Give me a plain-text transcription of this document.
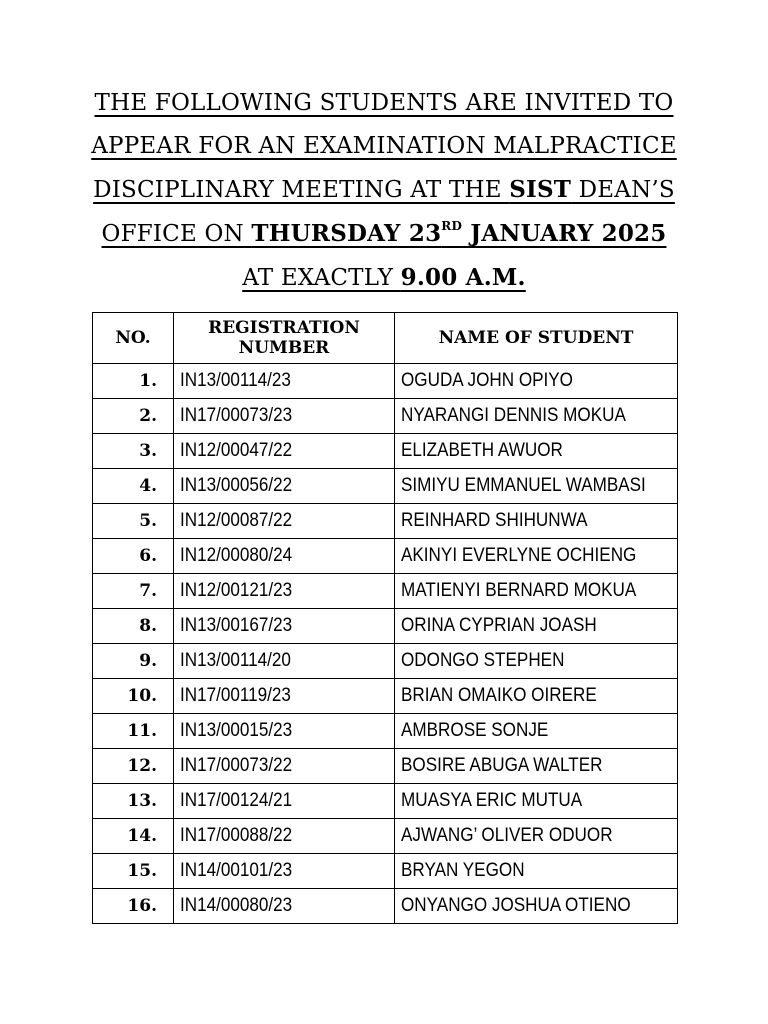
THE FOLLOWING STUDENTS ARE INVITED TO
APPEAR FOR AN EXAMINATION MALPRACTICE
DISCIPLINARY MEETING AT THE SIST DEAN’S
OFFICE ON THURSDAY 23RD JANUARY 2025
AT EXACTLY 9.00 A.M.
NO.	REGISTRATION NUMBER	NAME OF STUDENT
1.	IN13/00114/23	OGUDA JOHN OPIYO
2.	IN17/00073/23	NYARANGI DENNIS MOKUA
3.	IN12/00047/22	ELIZABETH AWUOR
4.	IN13/00056/22	SIMIYU EMMANUEL WAMBASI
5.	IN12/00087/22	REINHARD SHIHUNWA
6.	IN12/00080/24	AKINYI EVERLYNE OCHIENG
7.	IN12/00121/23	MATIENYI BERNARD MOKUA
8.	IN13/00167/23	ORINA CYPRIAN JOASH
9.	IN13/00114/20	ODONGO STEPHEN
10.	IN17/00119/23	BRIAN OMAIKO OIRERE
11.	IN13/00015/23	AMBROSE SONJE
12.	IN17/00073/22	BOSIRE ABUGA WALTER
13.	IN17/00124/21	MUASYA ERIC MUTUA
14.	IN17/00088/22	AJWANG’ OLIVER ODUOR
15.	IN14/00101/23	BRYAN YEGON
16.	IN14/00080/23	ONYANGO JOSHUA OTIENO
